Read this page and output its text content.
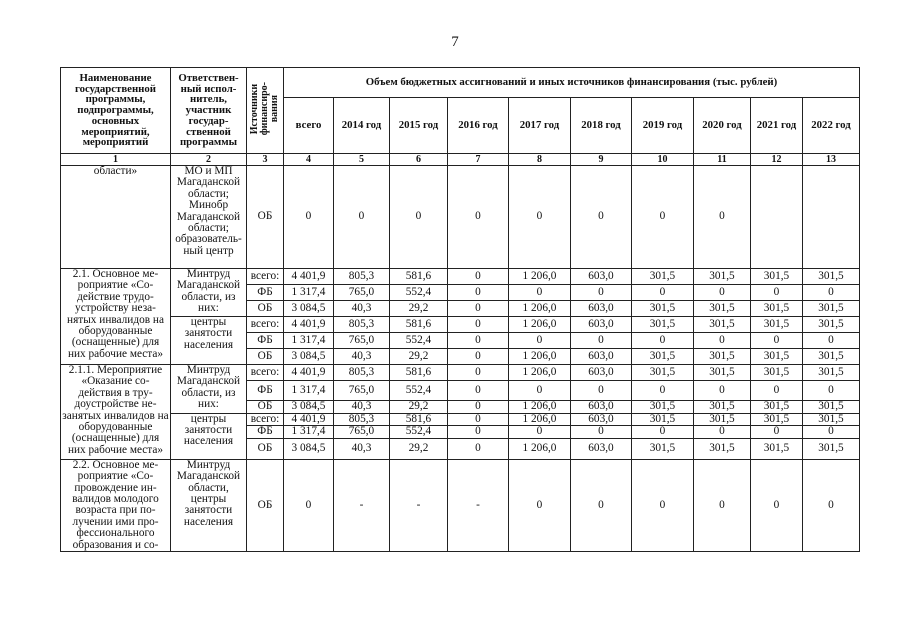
7
Наименование государственной программы, подпрограммы, основных мероприятий, мероприятий	Ответствен-ный испол-нитель, участник государ-ственной программы	Источники
финансиро-
вания	Объем бюджетных ассигнований и иных источников финансирования (тыс. рублей)									
			всего	2014 год	2015 год	2016 год	2017 год	2018 год	2019 год	2020 год	2021 год	2022 год
1	2	3	4	5	6	7	8	9	10	11	12	13
области»	МО и МП Магаданской области; Минобр Магаданской области; образователь-ный центр	ОБ	0	0	0	0	0	0	0	0		
2.1. Основное ме-роприятие «Со-действие трудо-устройству неза-нятых инвалидов на оборудованные (оснащенные) для них рабочие места»	Минтруд Магаданской области, из них:	всего:	4 401,9	805,3	581,6	0	1 206,0	603,0	301,5	301,5	301,5	301,5
		ФБ	1 317,4	765,0	552,4	0	0	0	0	0	0	0
		ОБ	3 084,5	40,3	29,2	0	1 206,0	603,0	301,5	301,5	301,5	301,5
	центры занятости населения	всего:	4 401,9	805,3	581,6	0	1 206,0	603,0	301,5	301,5	301,5	301,5
		ФБ	1 317,4	765,0	552,4	0	0	0	0	0	0	0
		ОБ	3 084,5	40,3	29,2	0	1 206,0	603,0	301,5	301,5	301,5	301,5
2.1.1. Мероприятие «Оказание со-действия в тру-доустройстве не-занятых инвалидов на оборудованные (оснащенные) для них рабочие места»	Минтруд Магаданской области, из них:	всего:	4 401,9	805,3	581,6	0	1 206,0	603,0	301,5	301,5	301,5	301,5
		ФБ	1 317,4	765,0	552,4	0	0	0	0	0	0	0
		ОБ	3 084,5	40,3	29,2	0	1 206,0	603,0	301,5	301,5	301,5	301,5
	центры занятости населения	всего:	4 401,9	805,3	581,6	0	1 206,0	603,0	301,5	301,5	301,5	301,5
		ФБ	1 317,4	765,0	552,4	0	0	0	0	0	0	0
		ОБ	3 084,5	40,3	29,2	0	1 206,0	603,0	301,5	301,5	301,5	301,5
2.2. Основное ме-роприятие «Со-провождение ин-валидов молодого возраста при по-лучении ими про-фессионального образования и со-	Минтруд Магаданской области, центры занятости населения	ОБ	0	-	-	-	0	0	0	0	0	0
